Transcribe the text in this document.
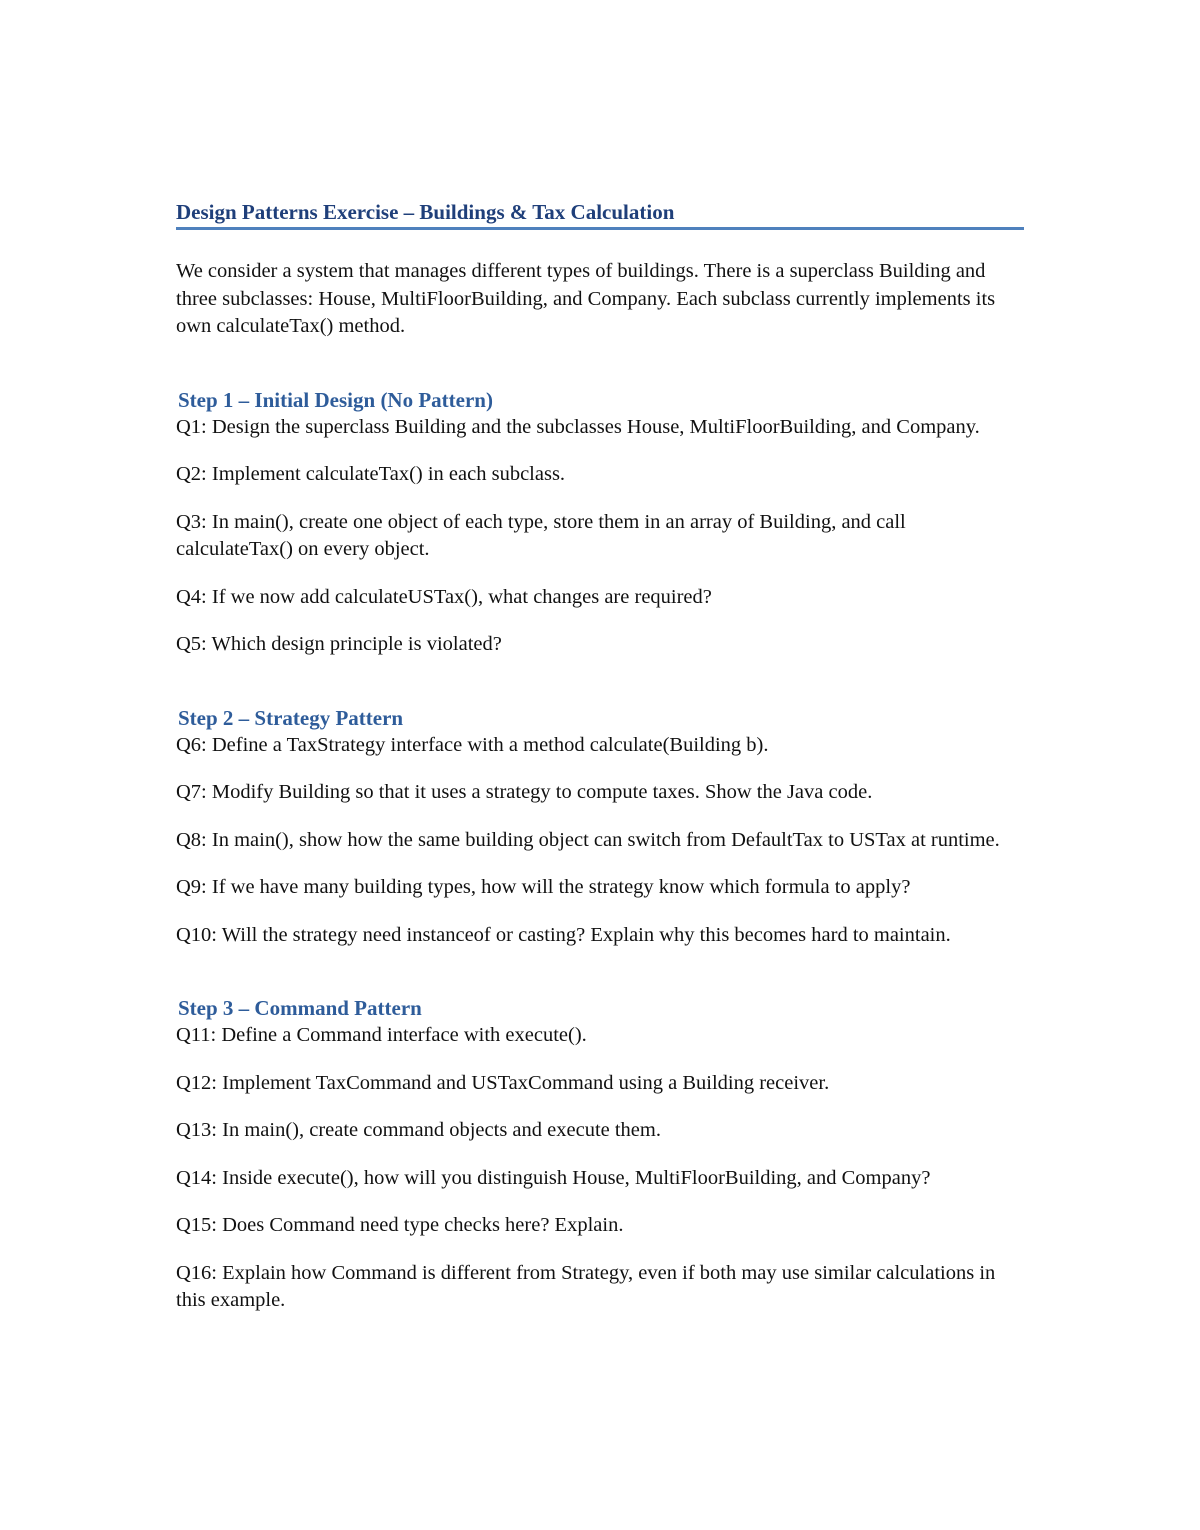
Design Patterns Exercise – Buildings & Tax Calculation

We consider a system that manages different types of buildings. There is a superclass Building and three subclasses: House, MultiFloorBuilding, and Company. Each subclass currently implements its own calculateTax() method.

Step 1 – Initial Design (No Pattern)

Q1: Design the superclass Building and the subclasses House, MultiFloorBuilding, and Company.

Q2: Implement calculateTax() in each subclass.

Q3: In main(), create one object of each type, store them in an array of Building, and call calculateTax() on every object.

Q4: If we now add calculateUSTax(), what changes are required?

Q5: Which design principle is violated?

Step 2 – Strategy Pattern

Q6: Define a TaxStrategy interface with a method calculate(Building b).

Q7: Modify Building so that it uses a strategy to compute taxes. Show the Java code.

Q8: In main(), show how the same building object can switch from DefaultTax to USTax at runtime.

Q9: If we have many building types, how will the strategy know which formula to apply?

Q10: Will the strategy need instanceof or casting? Explain why this becomes hard to maintain.

Step 3 – Command Pattern

Q11: Define a Command interface with execute().

Q12: Implement TaxCommand and USTaxCommand using a Building receiver.

Q13: In main(), create command objects and execute them.

Q14: Inside execute(), how will you distinguish House, MultiFloorBuilding, and Company?

Q15: Does Command need type checks here? Explain.

Q16: Explain how Command is different from Strategy, even if both may use similar calculations in this example.
